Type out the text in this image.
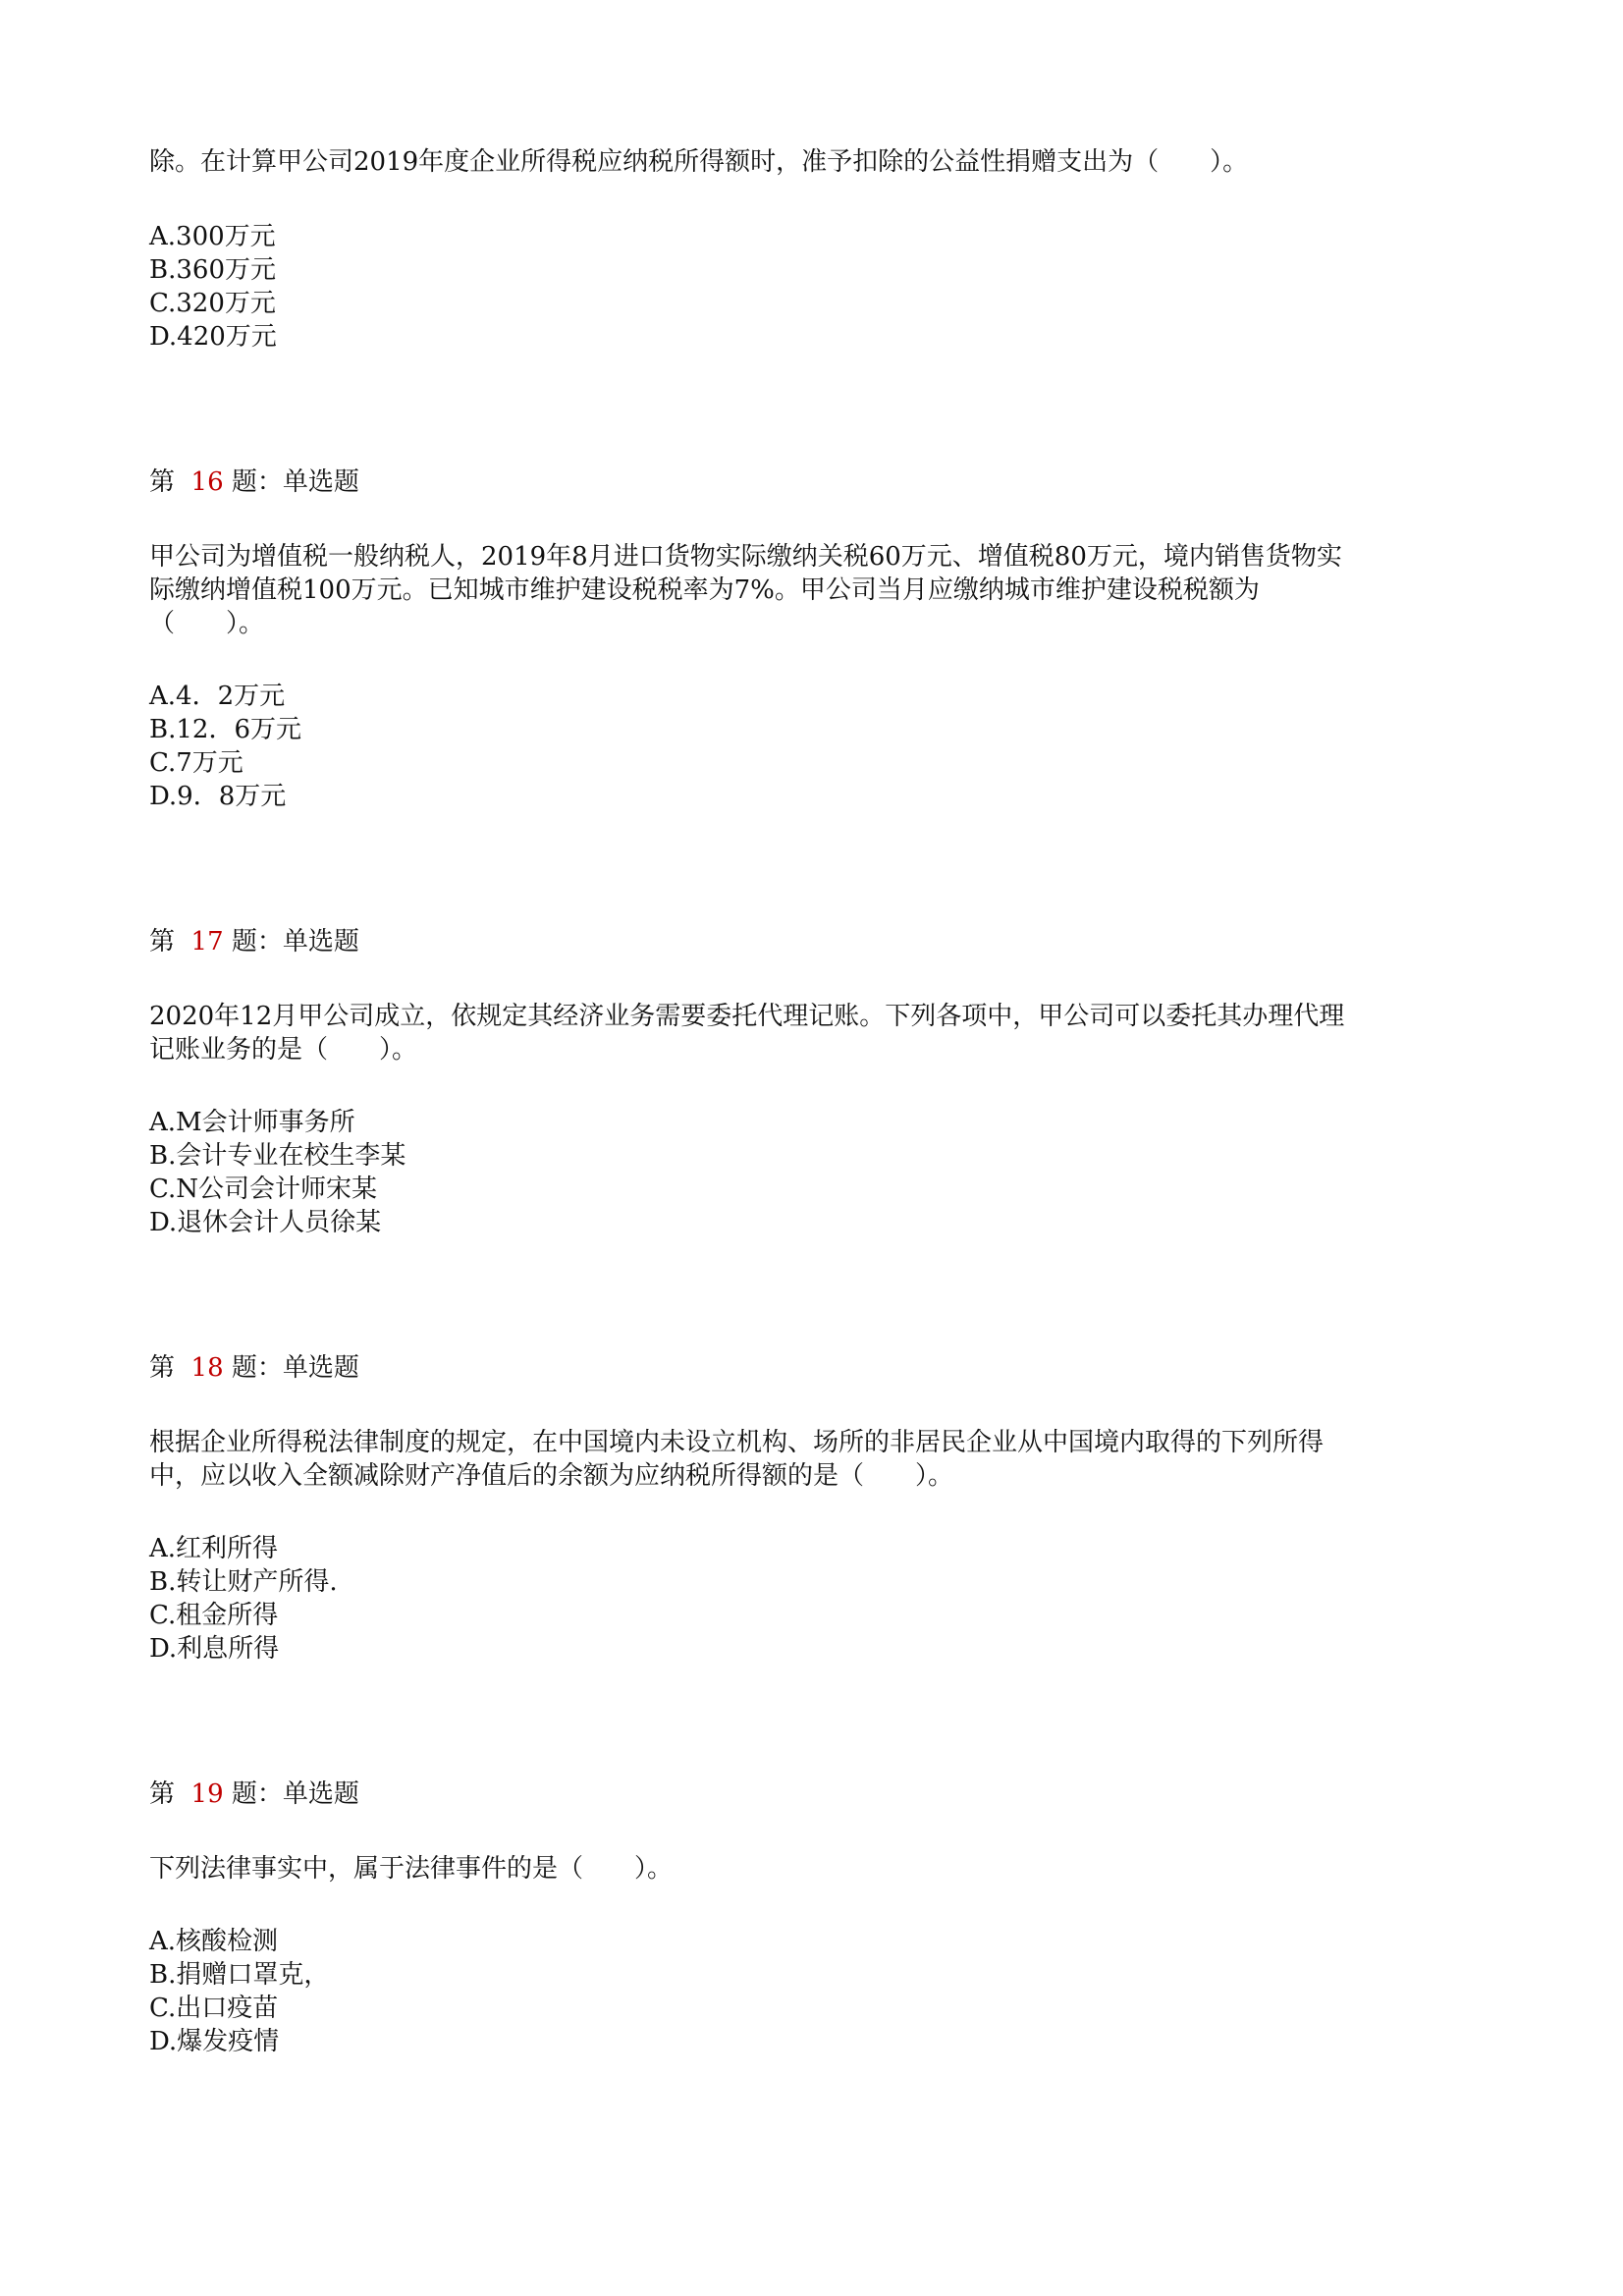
除。在计算甲公司2019年度企业所得税应纳税所得额时，准予扣除的公益性捐赠支出为（　　）。
A.300万元
B.360万元
C.320万元
D.420万元
第 16 题：单选题
甲公司为增值税一般纳税人，2019年8月进口货物实际缴纳关税60万元、增值税80万元，境内销售货物实
际缴纳增值税100万元。已知城市维护建设税税率为7%。甲公司当月应缴纳城市维护建设税税额为
（　　）。
A.4．2万元
B.12．6万元
C.7万元
D.9．8万元
第 17 题：单选题
2020年12月甲公司成立，依规定其经济业务需要委托代理记账。下列各项中，甲公司可以委托其办理代理
记账业务的是（　　）。
A.M会计师事务所
B.会计专业在校生李某
C.N公司会计师宋某
D.退休会计人员徐某
第 18 题：单选题
根据企业所得税法律制度的规定，在中国境内未设立机构、场所的非居民企业从中国境内取得的下列所得
中，应以收入全额减除财产净值后的余额为应纳税所得额的是（　　）。
A.红利所得
B.转让财产所得.
C.租金所得
D.利息所得
第 19 题：单选题
下列法律事实中，属于法律事件的是（　　）。
A.核酸检测
B.捐赠口罩克，
C.出口疫苗
D.爆发疫情
